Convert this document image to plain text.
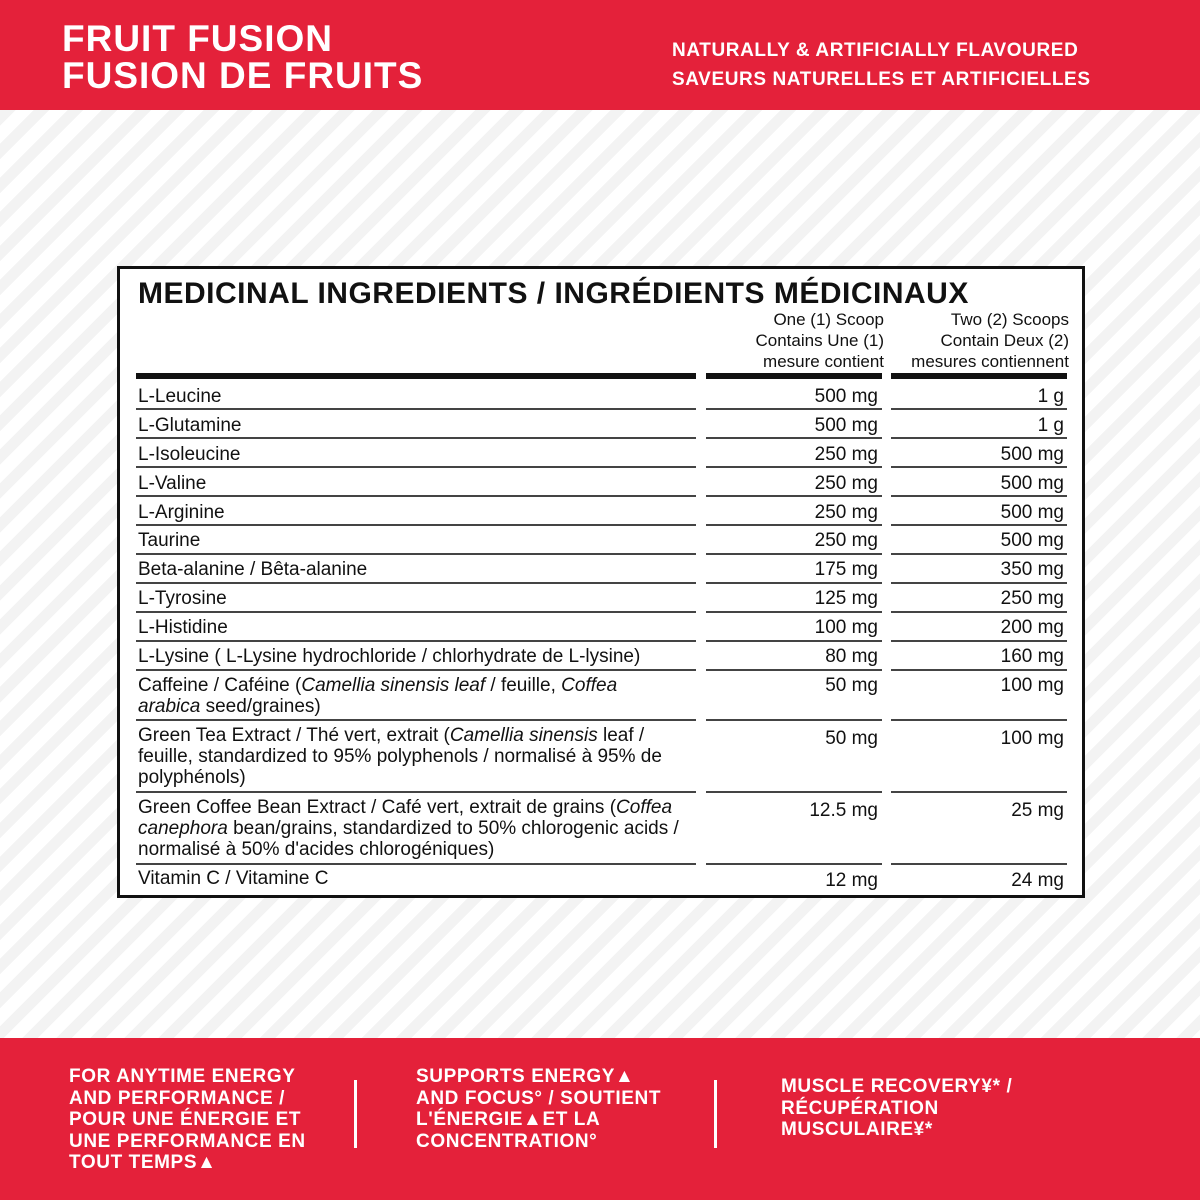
FRUIT FUSION
FUSION DE FRUITS
NATURALLY & ARTIFICIALLY FLAVOURED
SAVEURS NATURELLES ET ARTIFICIELLES
MEDICINAL INGREDIENTS / INGRÉDIENTS MÉDICINAUX
One (1) Scoop
Contains Une (1)
mesure contient
Two (2) Scoops
Contain Deux (2)
mesures contiennent
L-Leucine	500 mg	1 g
L-Glutamine	500 mg	1 g
L-Isoleucine	250 mg	500 mg
L-Valine	250 mg	500 mg
L-Arginine	250 mg	500 mg
Taurine	250 mg	500 mg
Beta-alanine / Bêta-alanine	175 mg	350 mg
L-Tyrosine	125 mg	250 mg
L-Histidine	100 mg	200 mg
L-Lysine ( L-Lysine hydrochloride / chlorhydrate de L-lysine)	80 mg	160 mg
Caffeine / Caféine (Camellia sinensis leaf / feuille, Coffea arabica seed/graines)
50 mg	100 mg
Green Tea Extract / Thé vert, extrait (Camellia sinensis leaf / feuille, standardized to 95% polyphenols / normalisé à 95% de polyphénols)
50 mg	100 mg
Green Coffee Bean Extract / Café vert, extrait de grains (Coffea canephora bean/grains, standardized to 50% chlorogenic acids / normalisé à 50% d'acides chlorogéniques)
12.5 mg	25 mg
Vitamin C / Vitamine C	12 mg	24 mg
FOR ANYTIME ENERGY AND PERFORMANCE / POUR UNE ÉNERGIE ET UNE PERFORMANCE EN TOUT TEMPS▲
SUPPORTS ENERGY▲ AND FOCUS° / SOUTIENT L'ÉNERGIE▲ET LA CONCENTRATION°
MUSCLE RECOVERY¥* / RÉCUPÉRATION MUSCULAIRE¥*
